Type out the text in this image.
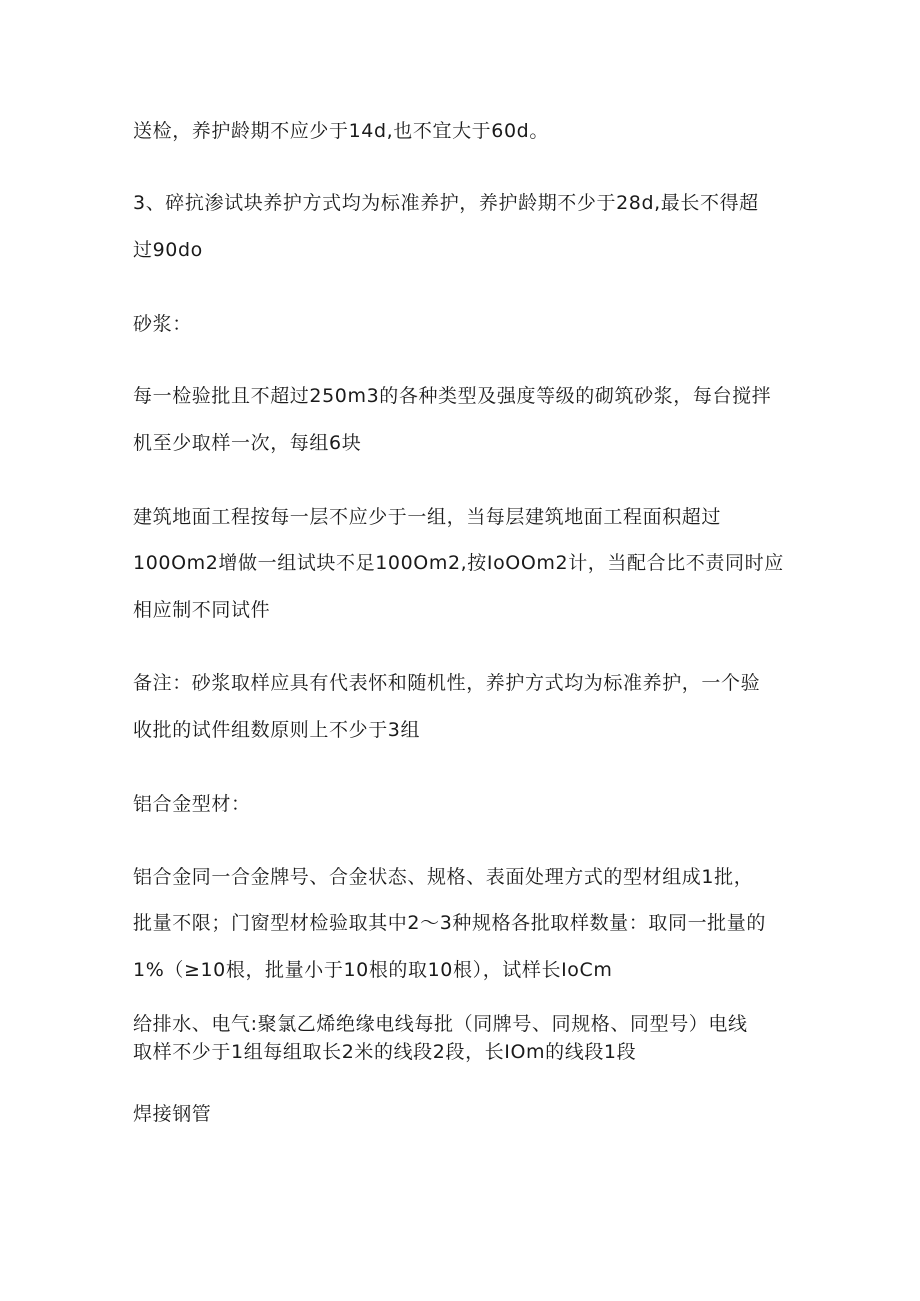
送检，养护龄期不应少于14d,也不宜大于60d。
3、碎抗渗试块养护方式均为标准养护，养护龄期不少于28d,最长不得超
过90do
砂浆：
每一检验批且不超过250m3的各种类型及强度等级的砌筑砂浆，每台搅拌
机至少取样一次，每组6块
建筑地面工程按每一层不应少于一组，当每层建筑地面工程面积超过
100Om2增做一组试块不足100Om2,按IoOOm2计，当配合比不责同时应
相应制不同试件
备注：砂浆取样应具有代表怀和随机性，养护方式均为标准养护，一个验
收批的试件组数原则上不少于3组
铝合金型材：
铝合金同一合金牌号、合金状态、规格、表面处理方式的型材组成1批，
批量不限；门窗型材检验取其中2〜3种规格各批取样数量：取同一批量的
1%（≥10根，批量小于10根的取10根），试样长IoCm
给排水、电气:聚氯乙烯绝缘电线每批（同牌号、同规格、同型号）电线
取样不少于1组每组取长2米的线段2段，长IOm的线段1段
焊接钢管
